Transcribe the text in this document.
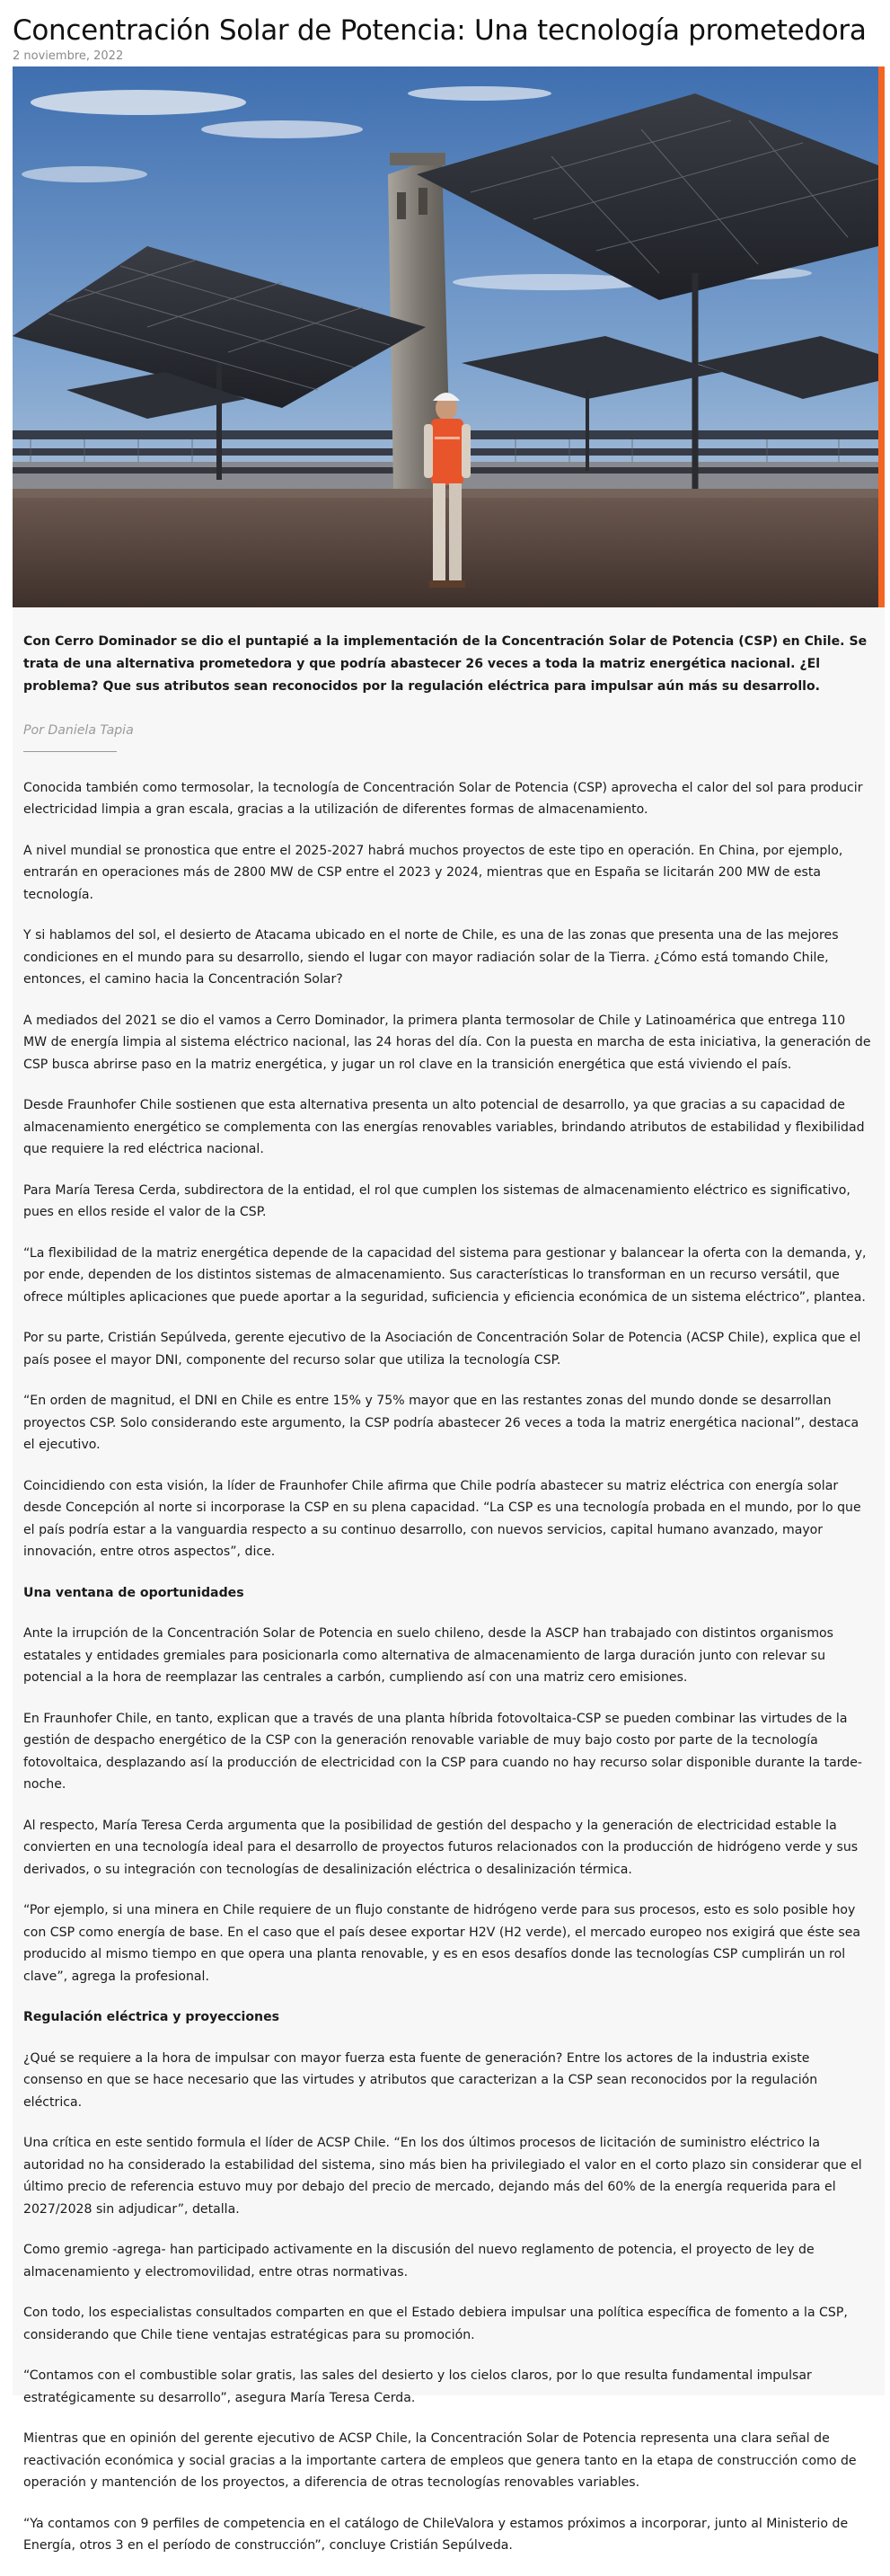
Concentración Solar de Potencia: Una tecnología prometedora
2 noviembre, 2022

Con Cerro Dominador se dio el puntapié a la implementación de la Concentración Solar de Potencia (CSP) en Chile. Se trata de una alternativa prometedora y que podría abastecer 26 veces a toda la matriz energética nacional. ¿El problema? Que sus atributos sean reconocidos por la regulación eléctrica para impulsar aún más su desarrollo.

Por Daniela Tapia

Conocida también como termosolar, la tecnología de Concentración Solar de Potencia (CSP) aprovecha el calor del sol para producir electricidad limpia a gran escala, gracias a la utilización de diferentes formas de almacenamiento.

A nivel mundial se pronostica que entre el 2025-2027 habrá muchos proyectos de este tipo en operación. En China, por ejemplo, entrarán en operaciones más de 2800 MW de CSP entre el 2023 y 2024, mientras que en España se licitarán 200 MW de esta tecnología.

Y si hablamos del sol, el desierto de Atacama ubicado en el norte de Chile, es una de las zonas que presenta una de las mejores condiciones en el mundo para su desarrollo, siendo el lugar con mayor radiación solar de la Tierra. ¿Cómo está tomando Chile, entonces, el camino hacia la Concentración Solar?

A mediados del 2021 se dio el vamos a Cerro Dominador, la primera planta termosolar de Chile y Latinoamérica que entrega 110 MW de energía limpia al sistema eléctrico nacional, las 24 horas del día. Con la puesta en marcha de esta iniciativa, la generación de CSP busca abrirse paso en la matriz energética, y jugar un rol clave en la transición energética que está viviendo el país.

Desde Fraunhofer Chile sostienen que esta alternativa presenta un alto potencial de desarrollo, ya que gracias a su capacidad de almacenamiento energético se complementa con las energías renovables variables, brindando atributos de estabilidad y flexibilidad que requiere la red eléctrica nacional.

Para María Teresa Cerda, subdirectora de la entidad, el rol que cumplen los sistemas de almacenamiento eléctrico es significativo, pues en ellos reside el valor de la CSP.

“La flexibilidad de la matriz energética depende de la capacidad del sistema para gestionar y balancear la oferta con la demanda, y, por ende, dependen de los distintos sistemas de almacenamiento. Sus características lo transforman en un recurso versátil, que ofrece múltiples aplicaciones que puede aportar a la seguridad, suficiencia y eficiencia económica de un sistema eléctrico”, plantea.

Por su parte, Cristián Sepúlveda, gerente ejecutivo de la Asociación de Concentración Solar de Potencia (ACSP Chile), explica que el país posee el mayor DNI, componente del recurso solar que utiliza la tecnología CSP.

“En orden de magnitud, el DNI en Chile es entre 15% y 75% mayor que en las restantes zonas del mundo donde se desarrollan proyectos CSP. Solo considerando este argumento, la CSP podría abastecer 26 veces a toda la matriz energética nacional”, destaca el ejecutivo.

Coincidiendo con esta visión, la líder de Fraunhofer Chile afirma que Chile podría abastecer su matriz eléctrica con energía solar desde Concepción al norte si incorporase la CSP en su plena capacidad. “La CSP es una tecnología probada en el mundo, por lo que el país podría estar a la vanguardia respecto a su continuo desarrollo, con nuevos servicios, capital humano avanzado, mayor innovación, entre otros aspectos”, dice.

Una ventana de oportunidades

Ante la irrupción de la Concentración Solar de Potencia en suelo chileno, desde la ASCP han trabajado con distintos organismos estatales y entidades gremiales para posicionarla como alternativa de almacenamiento de larga duración junto con relevar su potencial a la hora de reemplazar las centrales a carbón, cumpliendo así con una matriz cero emisiones.

En Fraunhofer Chile, en tanto, explican que a través de una planta híbrida fotovoltaica-CSP se pueden combinar las virtudes de la gestión de despacho energético de la CSP con la generación renovable variable de muy bajo costo por parte de la tecnología fotovoltaica, desplazando así la producción de electricidad con la CSP para cuando no hay recurso solar disponible durante la tarde-noche.

Al respecto, María Teresa Cerda argumenta que la posibilidad de gestión del despacho y la generación de electricidad estable la convierten en una tecnología ideal para el desarrollo de proyectos futuros relacionados con la producción de hidrógeno verde y sus derivados, o su integración con tecnologías de desalinización eléctrica o desalinización térmica.

“Por ejemplo, si una minera en Chile requiere de un flujo constante de hidrógeno verde para sus procesos, esto es solo posible hoy con CSP como energía de base. En el caso que el país desee exportar H2V (H2 verde), el mercado europeo nos exigirá que éste sea producido al mismo tiempo en que opera una planta renovable, y es en esos desafíos donde las tecnologías CSP cumplirán un rol clave”, agrega la profesional.

Regulación eléctrica y proyecciones

¿Qué se requiere a la hora de impulsar con mayor fuerza esta fuente de generación? Entre los actores de la industria existe consenso en que se hace necesario que las virtudes y atributos que caracterizan a la CSP sean reconocidos por la regulación eléctrica.

Una crítica en este sentido formula el líder de ACSP Chile. “En los dos últimos procesos de licitación de suministro eléctrico la autoridad no ha considerado la estabilidad del sistema, sino más bien ha privilegiado el valor en el corto plazo sin considerar que el último precio de referencia estuvo muy por debajo del precio de mercado, dejando más del 60% de la energía requerida para el 2027/2028 sin adjudicar”, detalla.

Como gremio -agrega- han participado activamente en la discusión del nuevo reglamento de potencia, el proyecto de ley de almacenamiento y electromovilidad, entre otras normativas.

Con todo, los especialistas consultados comparten en que el Estado debiera impulsar una política específica de fomento a la CSP, considerando que Chile tiene ventajas estratégicas para su promoción.

“Contamos con el combustible solar gratis, las sales del desierto y los cielos claros, por lo que resulta fundamental impulsar estratégicamente su desarrollo”, asegura María Teresa Cerda.

Mientras que en opinión del gerente ejecutivo de ACSP Chile, la Concentración Solar de Potencia representa una clara señal de reactivación económica y social gracias a la importante cartera de empleos que genera tanto en la etapa de construcción como de operación y mantención de los proyectos, a diferencia de otras tecnologías renovables variables.

“Ya contamos con 9 perfiles de competencia en el catálogo de ChileValora y estamos próximos a incorporar, junto al Ministerio de Energía, otros 3 en el período de construcción”, concluye Cristián Sepúlveda.
